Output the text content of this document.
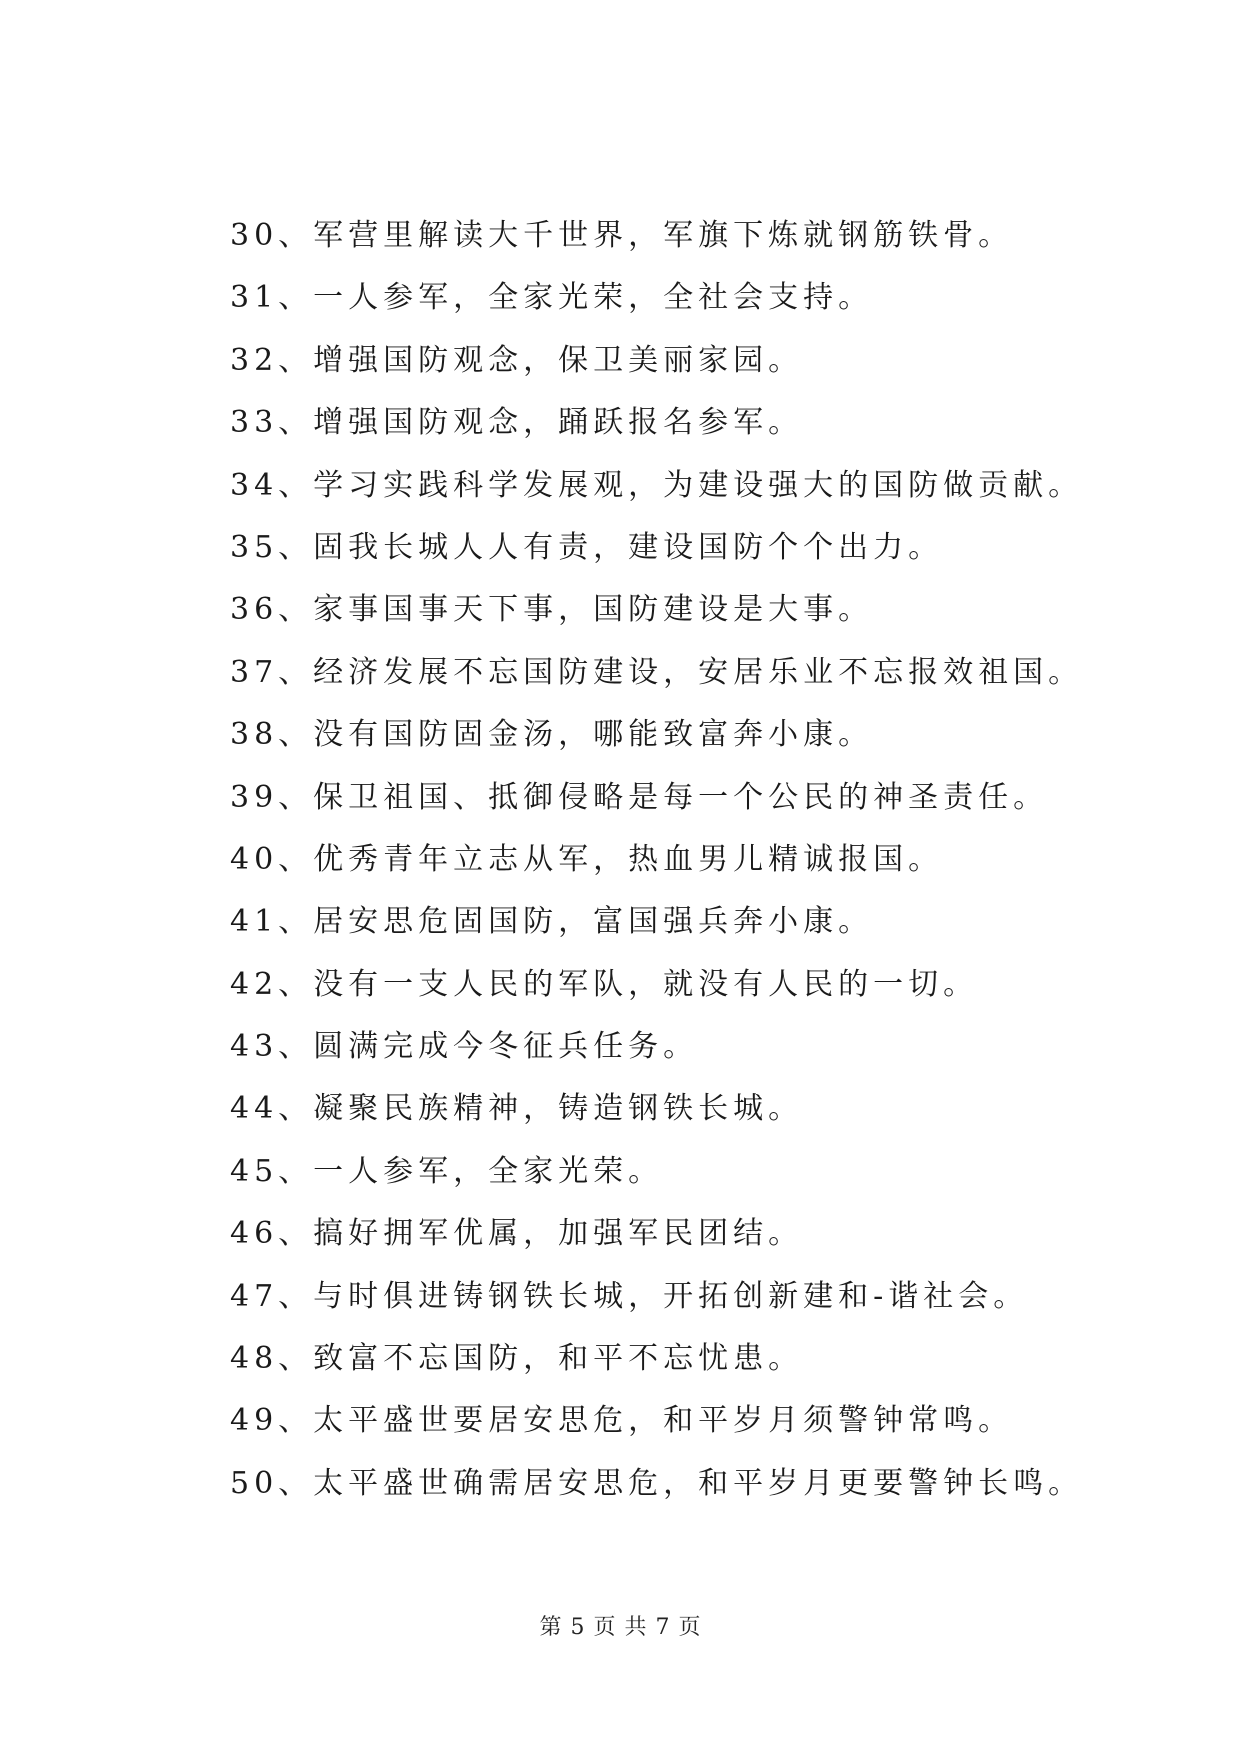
30、军营里解读大千世界，军旗下炼就钢筋铁骨。
31、一人参军，全家光荣，全社会支持。
32、增强国防观念，保卫美丽家园。
33、增强国防观念，踊跃报名参军。
34、学习实践科学发展观，为建设强大的国防做贡献。
35、固我长城人人有责，建设国防个个出力。
36、家事国事天下事，国防建设是大事。
37、经济发展不忘国防建设，安居乐业不忘报效祖国。
38、没有国防固金汤，哪能致富奔小康。
39、保卫祖国、抵御侵略是每一个公民的神圣责任。
40、优秀青年立志从军，热血男儿精诚报国。
41、居安思危固国防，富国强兵奔小康。
42、没有一支人民的军队，就没有人民的一切。
43、圆满完成今冬征兵任务。
44、凝聚民族精神，铸造钢铁长城。
45、一人参军，全家光荣。
46、搞好拥军优属，加强军民团结。
47、与时俱进铸钢铁长城，开拓创新建和-谐社会。
48、致富不忘国防，和平不忘忧患。
49、太平盛世要居安思危，和平岁月须警钟常鸣。
50、太平盛世确需居安思危，和平岁月更要警钟长鸣。
第 5 页 共 7 页
